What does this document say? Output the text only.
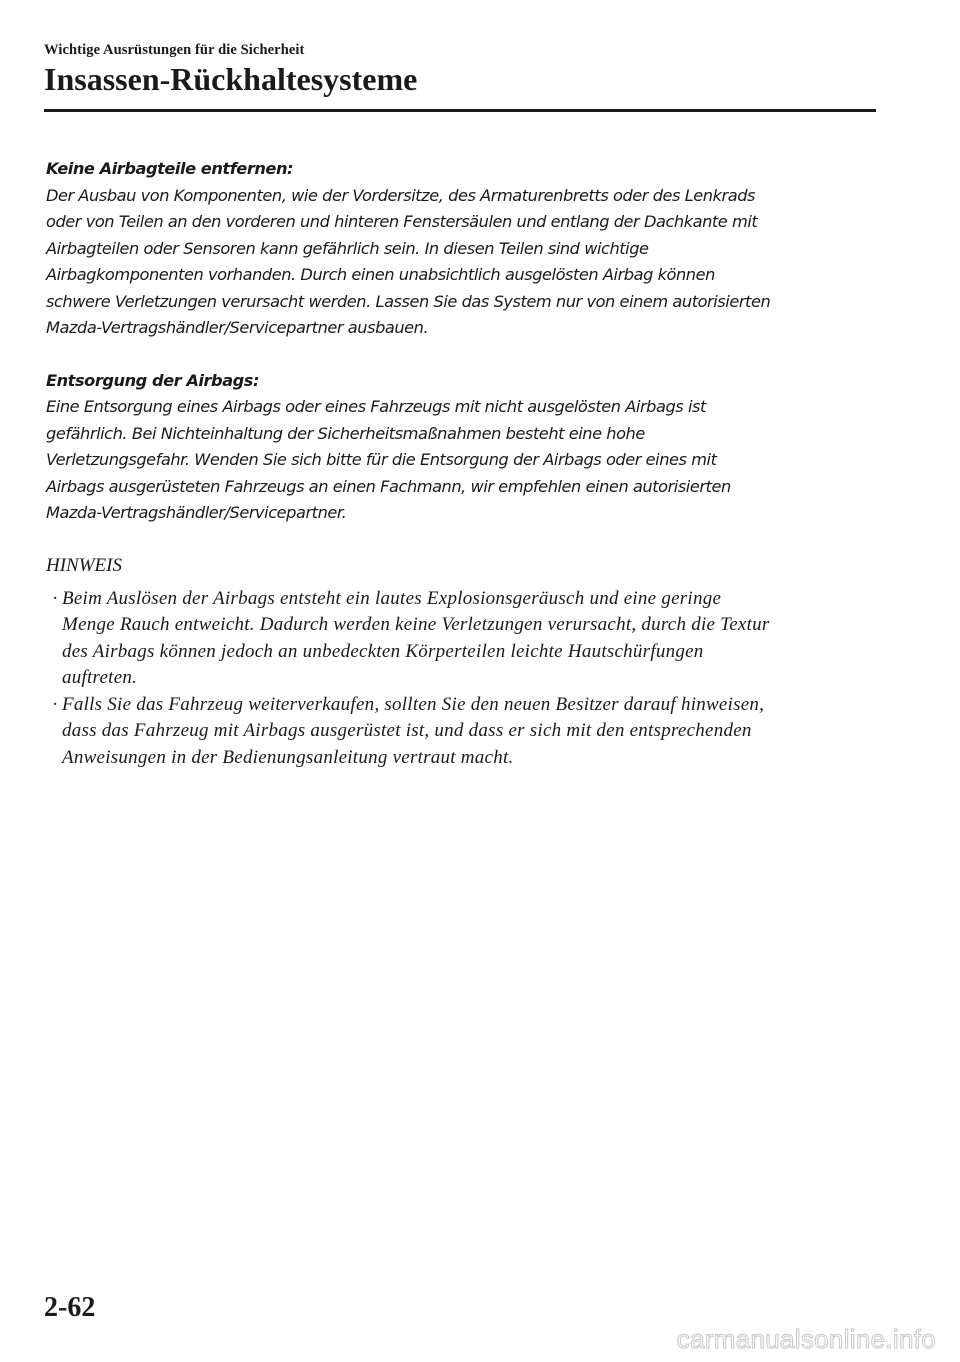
Wichtige Ausrüstungen für die Sicherheit
Insassen-Rückhaltesysteme
Keine Airbagteile entfernen:
Der Ausbau von Komponenten, wie der Vordersitze, des Armaturenbretts oder des Lenkrads
oder von Teilen an den vorderen und hinteren Fenstersäulen und entlang der Dachkante mit
Airbagteilen oder Sensoren kann gefährlich sein. In diesen Teilen sind wichtige
Airbagkomponenten vorhanden. Durch einen unabsichtlich ausgelösten Airbag können
schwere Verletzungen verursacht werden. Lassen Sie das System nur von einem autorisierten
Mazda-Vertragshändler/Servicepartner ausbauen.
Entsorgung der Airbags:
Eine Entsorgung eines Airbags oder eines Fahrzeugs mit nicht ausgelösten Airbags ist
gefährlich. Bei Nichteinhaltung der Sicherheitsmaßnahmen besteht eine hohe
Verletzungsgefahr. Wenden Sie sich bitte für die Entsorgung der Airbags oder eines mit
Airbags ausgerüsteten Fahrzeugs an einen Fachmann, wir empfehlen einen autorisierten
Mazda-Vertragshändler/Servicepartner.
HINWEIS
· Beim Auslösen der Airbags entsteht ein lautes Explosionsgeräusch und eine geringe
Menge Rauch entweicht. Dadurch werden keine Verletzungen verursacht, durch die Textur
des Airbags können jedoch an unbedeckten Körperteilen leichte Hautschürfungen
auftreten.
· Falls Sie das Fahrzeug weiterverkaufen, sollten Sie den neuen Besitzer darauf hinweisen,
dass das Fahrzeug mit Airbags ausgerüstet ist, und dass er sich mit den entsprechenden
Anweisungen in der Bedienungsanleitung vertraut macht.
2-62
carmanualsonline.info
